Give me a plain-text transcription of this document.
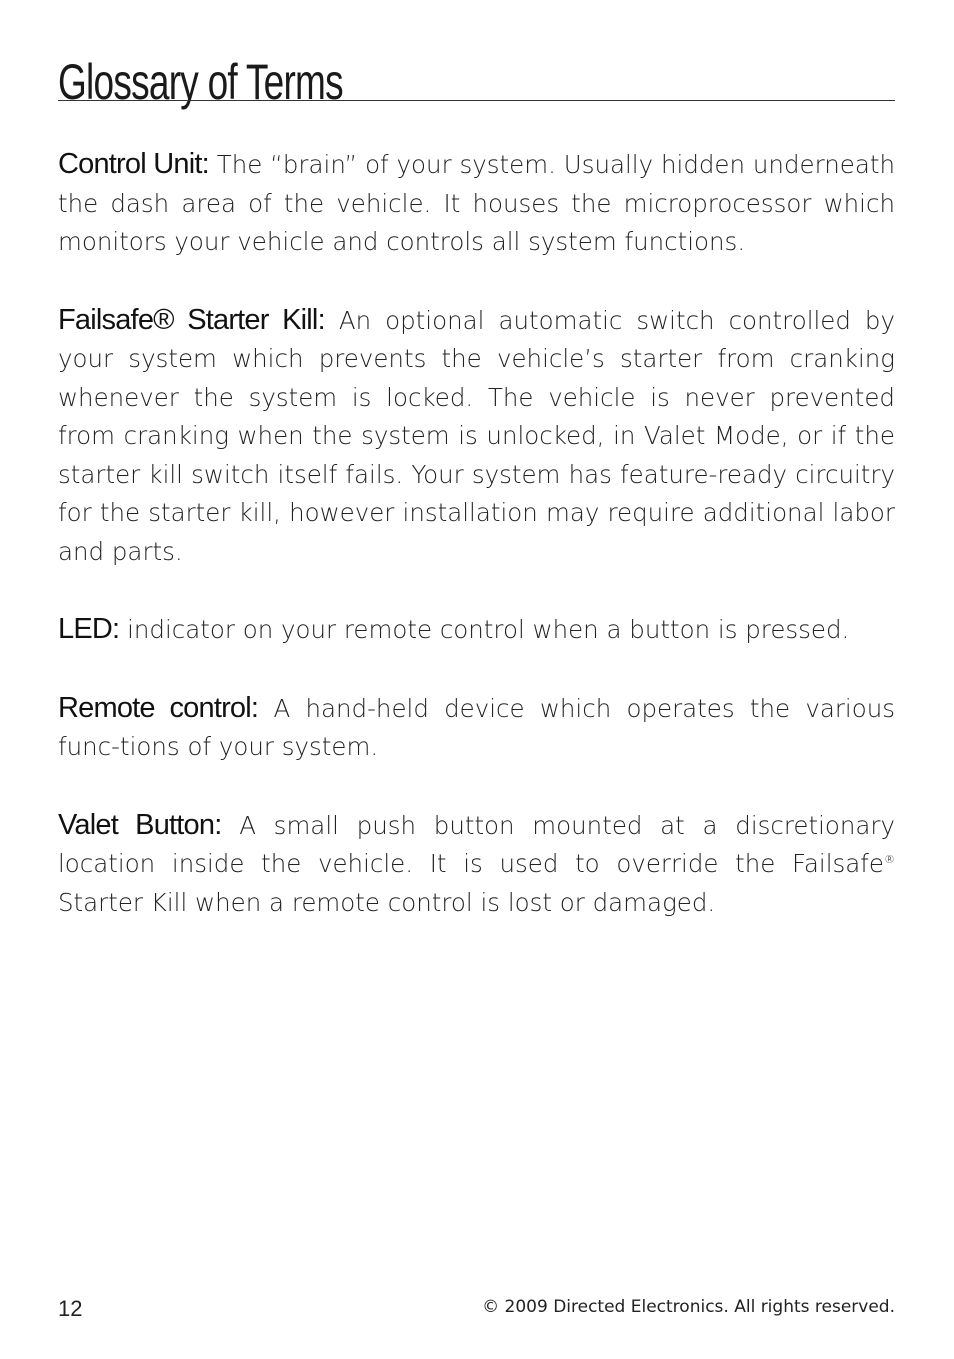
Glossary of Terms

Control Unit: The “brain” of your system. Usually hidden underneath the dash area of the vehicle. It houses the microprocessor which monitors your vehicle and controls all system functions.

Failsafe® Starter Kill: An optional automatic switch controlled by your system which prevents the vehicle’s starter from cranking whenever the system is locked. The vehicle is never prevented from cranking when the system is unlocked, in Valet Mode, or if the starter kill switch itself fails. Your system has feature-ready circuitry for the starter kill, however installation may require additional labor and parts.

LED: indicator on your remote control when a button is pressed.

Remote control: A hand-held device which operates the various func-tions of your system.

Valet Button: A small push button mounted at a discretionary location inside the vehicle. It is used to override the Failsafe® Starter Kill when a remote control is lost or damaged.

12	© 2009 Directed Electronics. All rights reserved.
